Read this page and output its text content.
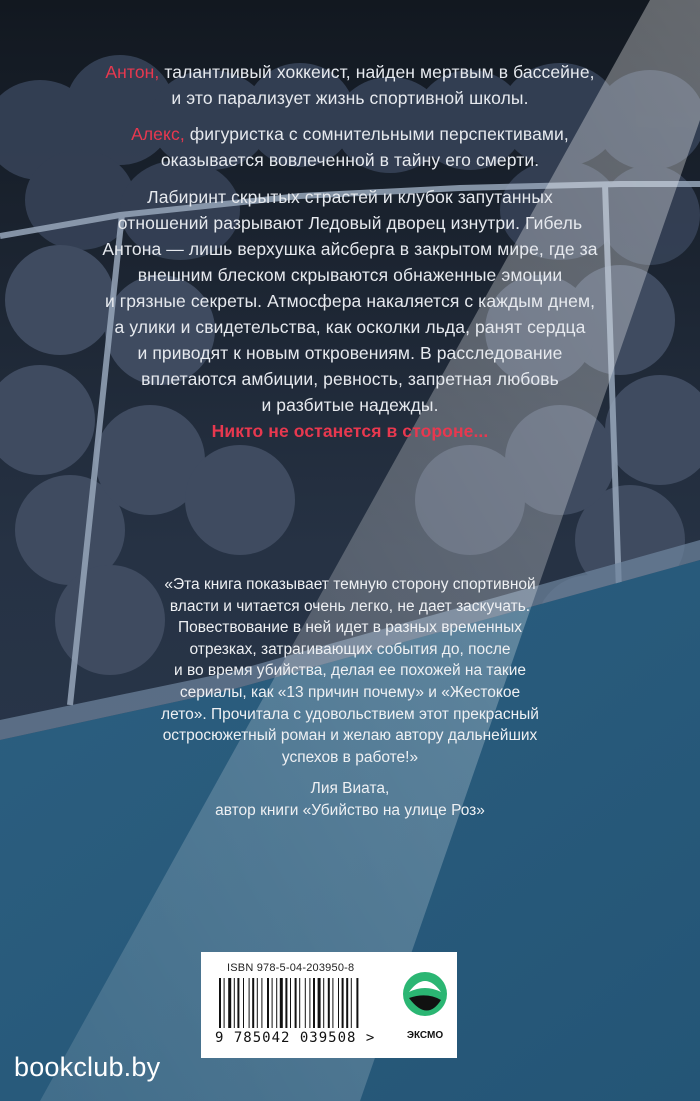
Антон, талантливый хоккеист, найден мертвым в бассейне,
и это парализует жизнь спортивной школы.

Алекс, фигуристка с сомнительными перспективами,
оказывается вовлеченной в тайну его смерти.

Лабиринт скрытых страстей и клубок запутанных
отношений разрывают Ледовый дворец изнутри. Гибель
Антона — лишь верхушка айсберга в закрытом мире, где за
внешним блеском скрываются обнаженные эмоции
и грязные секреты. Атмосфера накаляется с каждым днем,
а улики и свидетельства, как осколки льда, ранят сердца
и приводят к новым откровениям. В расследование
вплетаются амбиции, ревность, запретная любовь
и разбитые надежды.
Никто не останется в стороне...

«Эта книга показывает темную сторону спортивной
власти и читается очень легко, не дает заскучать.
Повествование в ней идет в разных временных
отрезках, затрагивающих события до, после
и во время убийства, делая ее похожей на такие
сериалы, как «13 причин почему» и «Жестокое
лето». Прочитала с удовольствием этот прекрасный
остросюжетный роман и желаю автору дальнейших
успехов в работе!»

Лия Виата,
автор книги «Убийство на улице Роз»

ISBN 978-5-04-203950-8
9 785042 039508 >	ЭКСМО
bookclub.by
